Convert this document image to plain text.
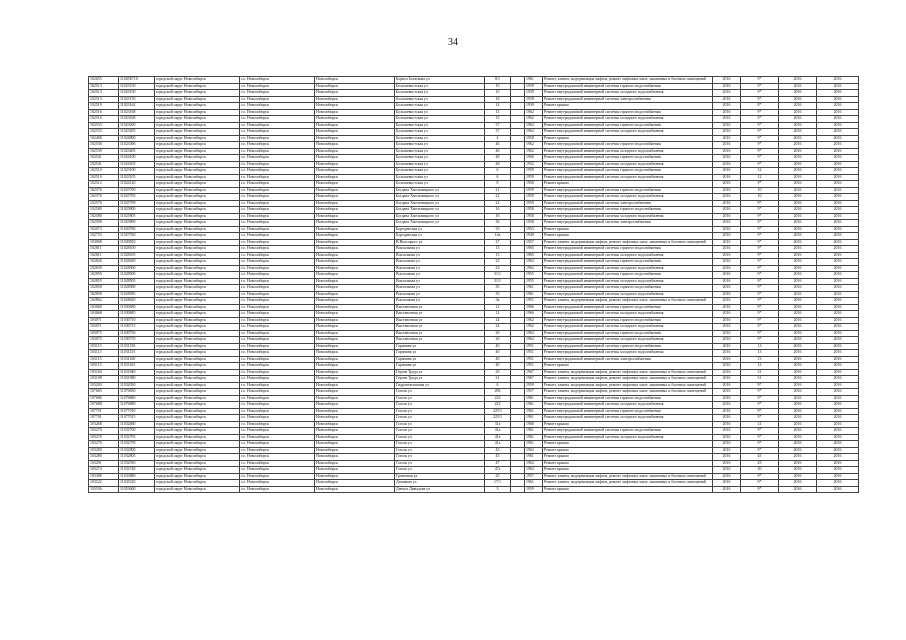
34
102655	11005E710	городской округ Новосибирск	г.о. Новосибирск	Новосибирск	Бориса Богаткова ул	8/1		1961	Ремонт, замена, модернизация лифтов, ремонт лифтовых шахт, машинных и блочных помещений	2016	9*	2016	2016
102513	11023150	городской округ Новосибирск	г.о. Новосибирск	Новосибирск	Большевистская ул	10		1939	Ремонт внутридомовой инженерной системы горячего водоснабжения	2016	9*	2016	2016
102513	11023150	городской округ Новосибирск	г.о. Новосибирск	Новосибирск	Большевистская ул	10		1939	Ремонт внутридомовой инженерной системы холодного водоснабжения	2016	9*	2016	2016
102513	11023150	городской округ Новосибирск	г.о. Новосибирск	Новосибирск	Большевистская ул	10		1939	Ремонт внутридомовой инженерной системы электроснабжения	2016	9*	2016	2016
102519	11023162	городской округ Новосибирск	г.о. Новосибирск	Новосибирск	Большевистская ул	14		1939	Ремонт крыши	2016	8*	2016	2016
102516	11023168	городской округ Новосибирск	г.о. Новосибирск	Новосибирск	Большевистская ул	15		1962	Ремонт внутридомовой инженерной системы горячего водоснабжения	2016	9*	2016	2016
102516	11023168	городской округ Новосибирск	г.о. Новосибирск	Новосибирск	Большевистская ул	15		1962	Ремонт внутридомовой инженерной системы холодного водоснабжения	2016	9*	2016	2016
102533	11023200	городской округ Новосибирск	г.о. Новосибирск	Новосибирск	Большевистская ул	37		1962	Ремонт внутридомовой инженерной системы горячего водоснабжения	2016	9*	2016	2016
102533	11023205	городской округ Новосибирск	г.о. Новосибирск	Новосибирск	Большевистская ул	37		1962	Ремонт внутридомовой инженерной системы холодного водоснабжения	2016	9*	2016	2016
102406	11024800	городской округ Новосибирск	г.о. Новосибирск	Новосибирск	Большевистская ул	4		1958	Ремонт крыши	2016	9*	2016	2016
102536	11023396	городской округ Новосибирск	г.о. Новосибирск	Новосибирск	Большевистская ул	46		1962	Ремонт внутридомовой инженерной системы горячего водоснабжения	2016	9*	2016	2016
102539	11023405	городской округ Новосибирск	г.о. Новосибирск	Новосибирск	Большевистская ул	46		1962	Ремонт внутридомовой инженерной системы холодного водоснабжения	2016	9*	2016	2016
102541	11024100	городской округ Новосибирск	г.о. Новосибирск	Новосибирск	Большевистская ул	48		1960	Ремонт внутридомовой инженерной системы горячего водоснабжения	2016	9*	2016	2016
102541	11024105	городской округ Новосибирск	г.о. Новосибирск	Новосибирск	Большевистская ул	48		1952	Ремонт внутридомовой инженерной системы холодного водоснабжения	2016	9*	2016	2016
102510	11023100	городской округ Новосибирск	г.о. Новосибирск	Новосибирск	Большевистская ул	6		1959	Ремонт внутридомовой инженерной системы горячего водоснабжения	2016	12	2016	2016
102510	11023105	городской округ Новосибирск	г.о. Новосибирск	Новосибирск	Большевистская ул	6		1959	Ремонт внутридомовой инженерной системы холодного водоснабжения	2016	12	2016	2016
102512	11024120	городской округ Новосибирск	г.о. Новосибирск	Новосибирск	Большевистская ул	8		1950	Ремонт крыши	2016	9*	2016	2016
102576	11025700	городской округ Новосибирск	г.о. Новосибирск	Новосибирск	Богдана Хмельницкого ул	21		1959	Ремонт внутридомовой инженерной системы горячего водоснабжения	2016	10	2016	2016
102576	11025705	городской округ Новосибирск	г.о. Новосибирск	Новосибирск	Богдана Хмельницкого ул	22		1959	Ремонт внутридомовой инженерной системы холодного водоснабжения	2016	10	2016	2016
102576	11025709	городской округ Новосибирск	г.о. Новосибирск	Новосибирск	Богдана Хмельницкого ул	22		1959	Ремонт внутридомовой инженерной системы электроснабжения	2016	9*	2016	2016
102580	11025800	городской округ Новосибирск	г.о. Новосибирск	Новосибирск	Богдана Хмельницкого ул	16		1958	Ремонт внутридомовой инженерной системы горячего водоснабжения	2016	9*	2016	2016
102580	11025805	городской округ Новосибирск	г.о. Новосибирск	Новосибирск	Богдана Хмельницкого ул	16		1958	Ремонт внутридомовой инженерной системы холодного водоснабжения	2016	9*	2016	2016
102590	11025809	городской округ Новосибирск	г.о. Новосибирск	Новосибирск	Богдана Хмельницкого ул	36		1958	Ремонт внутридомовой инженерной системы электроснабжения	2016	9*	2016	2016
102073	11020760	городской округ Новосибирск	г.о. Новосибирск	Новосибирск	Бородинская ул	33		1953	Ремонт крыши	2016	9*	2016	2016
102753	11027530	городской округ Новосибирск	г.о. Новосибирск	Новосибирск	Бородинская ул	14а		1949	Ремонт крыши	2016	9*	2016	2016
103008	11030810	городской округ Новосибирск	г.о. Новосибирск	Новосибирск	В.Высоцкого ул	27		1957	Ремонт, замена, модернизация лифтов, ремонт лифтовых шахт, машинных и блочных помещений	2016	9*	2016	2016
102811	11028100	городской округ Новосибирск	г.о. Новосибирск	Новосибирск	Вокзальная ул	13		1965	Ремонт внутридомовой инженерной системы горячего водоснабжения	2016	9*	2016	2016
102811	11028105	городской округ Новосибирск	г.о. Новосибирск	Новосибирск	Вокзальная ул	13		1965	Ремонт внутридомовой инженерной системы холодного водоснабжения	2016	9*	2016	2016
102826	11028260	городской округ Новосибирск	г.о. Новосибирск	Новосибирск	Вокзальная ул	23		1962	Ремонт внутридомовой инженерной системы горячего водоснабжения	2016	9*	2016	2016
102830	11028300	городской округ Новосибирск	г.о. Новосибирск	Новосибирск	Вокзальная ул	23		1962	Ремонт внутридомовой инженерной системы холодного водоснабжения	2016	9*	2016	2016
102850	11028500	городской округ Новосибирск	г.о. Новосибирск	Новосибирск	Вокзальная ул	31/1		1955	Ремонт внутридомовой инженерной системы горячего водоснабжения	2016	9*	2016	2016
102855	11028505	городской округ Новосибирск	г.о. Новосибирск	Новосибирск	Вокзальная ул	31/1		1955	Ремонт внутридомовой инженерной системы холодного водоснабжения	2016	9*	2016	2016
102858	11028580	городской округ Новосибирск	г.о. Новосибирск	Новосибирск	Вокзальная ул	35		1961	Ремонт внутридомовой инженерной системы горячего водоснабжения	2016	9*	2016	2016
102858	11028585	городской округ Новосибирск	г.о. Новосибирск	Новосибирск	Вокзальная ул	35		1961	Ремонт внутридомовой инженерной системы холодного водоснабжения	2016	9*	2016	2016
102862	11028620	городской округ Новосибирск	г.о. Новосибирск	Новосибирск	Вокзальная ул	3а		1951	Ремонт, замена, модернизация лифтов, ремонт лифтовых шахт, машинных и блочных помещений	2016	9*	2016	2016
103068	11030680	городской округ Новосибирск	г.о. Новосибирск	Новосибирск	Выставочная ул	12		1966	Ремонт внутридомовой инженерной системы горячего водоснабжения	2016	9*	2016	2016
103068	11030685	городской округ Новосибирск	г.о. Новосибирск	Новосибирск	Выставочная ул	12		1966	Ремонт внутридомовой инженерной системы холодного водоснабжения	2016	9*	2016	2016
103071	11030710	городской округ Новосибирск	г.о. Новосибирск	Новосибирск	Выставочная ул	24		1962	Ремонт внутридомовой инженерной системы горячего водоснабжения	2016	9*	2016	2016
103071	11030715	городской округ Новосибирск	г.о. Новосибирск	Новосибирск	Выставочная ул	24		1962	Ремонт внутридомовой инженерной системы холодного водоснабжения	2016	9*	2016	2016
103075	11030750	городской округ Новосибирск	г.о. Новосибирск	Новосибирск	Выставочная ул	26		1962	Ремонт внутридомовой инженерной системы горячего водоснабжения	2016	9*	2016	2016
103075	11030755	городской округ Новосибирск	г.о. Новосибирск	Новосибирск	Выставочная ул	26		1962	Ремонт внутридомовой инженерной системы холодного водоснабжения	2016	9*	2016	2016
103115	11031150	городской округ Новосибирск	г.о. Новосибирск	Новосибирск	Гаранина ул	40		1951	Ремонт внутридомовой инженерной системы горячего водоснабжения	2016	13	2016	2016
103115	11031155	городской округ Новосибирск	г.о. Новосибирск	Новосибирск	Гаранина ул	40		1951	Ремонт внутридомовой инженерной системы холодного водоснабжения	2016	13	2016	2016
103115	11031160	городской округ Новосибирск	г.о. Новосибирск	Новосибирск	Гаранина ул	40		1951	Ремонт внутридомовой инженерной системы электроснабжения	2016	13	2016	2016
103115	11031165	городской округ Новосибирск	г.о. Новосибирск	Новосибирск	Гаранина ул	40		1951	Ремонт крыши	2016	13	2016	2016
103184	11031840	городской округ Новосибирск	г.о. Новосибирск	Новосибирск	Героев Труда ул	29		1967	Ремонт, замена, модернизация лифтов, ремонт лифтовых шахт, машинных и блочных помещений	2016	31	2016	2016
103198	11031980	городской округ Новосибирск	г.о. Новосибирск	Новосибирск	Героев Труда ул	31		1967	Ремонт, замена, модернизация лифтов, ремонт лифтовых шахт, машинных и блочных помещений	2016	31	2016	2016
103203	11032030	городской округ Новосибирск	г.о. Новосибирск	Новосибирск	Гидромонтажная ул	6		1959	Ремонт, замена, модернизация лифтов, ремонт лифтовых шахт, машинных и блочных помещений	2016	9*	2016	2016
107683	11076830	городской округ Новосибирск	г.о. Новосибирск	Новосибирск	Гоголя ул	206		1957	Ремонт, замена, модернизация лифтов, ремонт лифтовых шахт, машинных и блочных помещений	2016	9*	2016	2016
107686	11076860	городской округ Новосибирск	г.о. Новосибирск	Новосибирск	Гоголя ул	223		1961	Ремонт внутридомовой инженерной системы горячего водоснабжения	2016	9*	2016	2016
107688	11076880	городской округ Новосибирск	г.о. Новосибирск	Новосибирск	Гоголя ул	223		1961	Ремонт внутридомовой инженерной системы холодного водоснабжения	2016	9*	2016	2016
107701	11077010	городской округ Новосибирск	г.о. Новосибирск	Новосибирск	Гоголя ул	225/1		1961	Ремонт внутридомовой инженерной системы горячего водоснабжения	2016	9*	2016	2016
107701	11077015	городской округ Новосибирск	г.о. Новосибирск	Новосибирск	Гоголя ул	225/1		1961	Ремонт внутридомовой инженерной системы холодного водоснабжения	2016	9*	2016	2016
103268	11032680	городской округ Новосибирск	г.о. Новосибирск	Новосибирск	Гоголя ул	31а		1960	Ремонт крыши	2016	21	2016	2016
103270	11032700	городской округ Новосибирск	г.о. Новосибирск	Новосибирск	Гоголя ул	41а		1961	Ремонт внутридомовой инженерной системы горячего водоснабжения	2016	9*	2016	2016
103270	11032705	городской округ Новосибирск	г.о. Новосибирск	Новосибирск	Гоголя ул	41а		1961	Ремонт внутридомовой инженерной системы холодного водоснабжения	2016	9*	2016	2016
103270	11032709	городской округ Новосибирск	г.о. Новосибирск	Новосибирск	Гоголя ул	41а		1961	Ремонт крыши	2016	9*	2016	2016
103280	11032800	городской округ Новосибирск	г.о. Новосибирск	Новосибирск	Гоголя ул	43		1962	Ремонт крыши	2016	9*	2016	2016
103280	11032805	городской округ Новосибирск	г.о. Новосибирск	Новосибирск	Гоголя ул	45		1961	Ремонт крыши	2016	45	2016	2016
103291	11032910	городской округ Новосибирск	г.о. Новосибирск	Новосибирск	Гоголя ул	47		1962	Ремонт крыши	2016	45	2016	2016
103274	11032740	городской округ Новосибирск	г.о. Новосибирск	Новосибирск	Гоголя ул	47а		1962	Ремонт крыши	2016	20	2016	2016
103388	11033880	городской округ Новосибирск	г.о. Новосибирск	Новосибирск	Гранатная ул	25		1957	Ремонт, замена, модернизация лифтов, ремонт лифтовых шахт, машинных и блочных помещений	2016	9*	2016	2016
103522	11035220	городской округ Новосибирск	г.о. Новосибирск	Новосибирск	Демакова ул	17/1		1961	Ремонт, замена, модернизация лифтов, ремонт лифтовых шахт, машинных и блочных помещений	2016	9*	2016	2016
103536	11053600	городской округ Новосибирск	г.о. Новосибирск	Новосибирск	Дениса Давыдова ул	3		1959	Ремонт крыши	2016	9*	2016	2016
